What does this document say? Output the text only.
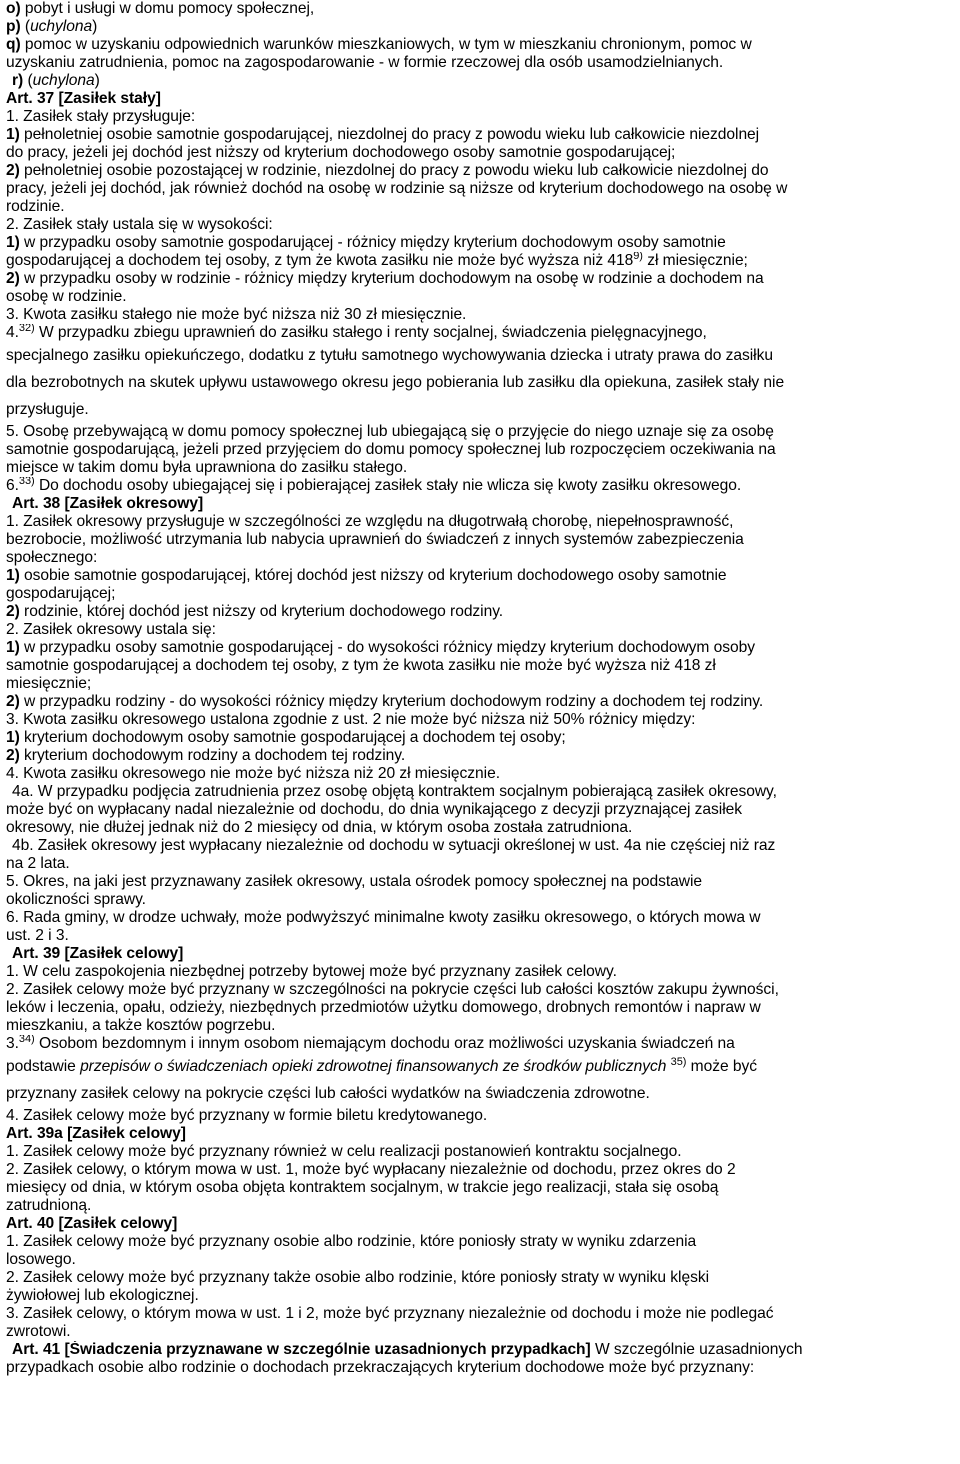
o) pobyt i usługi w domu pomocy społecznej,
p) (uchylona)
q) pomoc w uzyskaniu odpowiednich warunków mieszkaniowych, w tym w mieszkaniu chronionym, pomoc w
uzyskaniu zatrudnienia, pomoc na zagospodarowanie - w formie rzeczowej dla osób usamodzielnianych.
r) (uchylona)
Art. 37 [Zasiłek stały]
1. Zasiłek stały przysługuje:
1) pełnoletniej osobie samotnie gospodarującej, niezdolnej do pracy z powodu wieku lub całkowicie niezdolnej
do pracy, jeżeli jej dochód jest niższy od kryterium dochodowego osoby samotnie gospodarującej;
2) pełnoletniej osobie pozostającej w rodzinie, niezdolnej do pracy z powodu wieku lub całkowicie niezdolnej do
pracy, jeżeli jej dochód, jak również dochód na osobę w rodzinie są niższe od kryterium dochodowego na osobę w
rodzinie.
2. Zasiłek stały ustala się w wysokości:
1) w przypadku osoby samotnie gospodarującej - różnicy między kryterium dochodowym osoby samotnie
gospodarującej a dochodem tej osoby, z tym że kwota zasiłku nie może być wyższa niż 418$^{9)}$ zł miesięcznie;
2) w przypadku osoby w rodzinie - różnicy między kryterium dochodowym na osobę w rodzinie a dochodem na
osobę w rodzinie.
3. Kwota zasiłku stałego nie może być niższa niż 30 zł miesięcznie.
4.$^{32)}$ W przypadku zbiegu uprawnień do zasiłku stałego i renty socjalnej, świadczenia pielęgnacyjnego,
specjalnego zasiłku opiekuńczego, dodatku z tytułu samotnego wychowywania dziecka i utraty prawa do zasiłku
dla bezrobotnych na skutek upływu ustawowego okresu jego pobierania lub zasiłku dla opiekuna, zasiłek stały nie
przysługuje.
5. Osobę przebywającą w domu pomocy społecznej lub ubiegającą się o przyjęcie do niego uznaje się za osobę
samotnie gospodarującą, jeżeli przed przyjęciem do domu pomocy społecznej lub rozpoczęciem oczekiwania na
miejsce w takim domu była uprawniona do zasiłku stałego.
6.$^{33)}$ Do dochodu osoby ubiegającej się i pobierającej zasiłek stały nie wlicza się kwoty zasiłku okresowego.
Art. 38 [Zasiłek okresowy]
1. Zasiłek okresowy przysługuje w szczególności ze względu na długotrwałą chorobę, niepełnosprawność,
bezrobocie, możliwość utrzymania lub nabycia uprawnień do świadczeń z innych systemów zabezpieczenia
społecznego:
1) osobie samotnie gospodarującej, której dochód jest niższy od kryterium dochodowego osoby samotnie
gospodarującej;
2) rodzinie, której dochód jest niższy od kryterium dochodowego rodziny.
2. Zasiłek okresowy ustala się:
1) w przypadku osoby samotnie gospodarującej - do wysokości różnicy między kryterium dochodowym osoby
samotnie gospodarującej a dochodem tej osoby, z tym że kwota zasiłku nie może być wyższa niż 418 zł
miesięcznie;
2) w przypadku rodziny - do wysokości różnicy między kryterium dochodowym rodziny a dochodem tej rodziny.
3. Kwota zasiłku okresowego ustalona zgodnie z ust. 2 nie może być niższa niż 50% różnicy między:
1) kryterium dochodowym osoby samotnie gospodarującej a dochodem tej osoby;
2) kryterium dochodowym rodziny a dochodem tej rodziny.
4. Kwota zasiłku okresowego nie może być niższa niż 20 zł miesięcznie.
4a. W przypadku podjęcia zatrudnienia przez osobę objętą kontraktem socjalnym pobierającą zasiłek okresowy,
może być on wypłacany nadal niezależnie od dochodu, do dnia wynikającego z decyzji przyznającej zasiłek
okresowy, nie dłużej jednak niż do 2 miesięcy od dnia, w którym osoba została zatrudniona.
4b. Zasiłek okresowy jest wypłacany niezależnie od dochodu w sytuacji określonej w ust. 4a nie częściej niż raz
na 2 lata.
5. Okres, na jaki jest przyznawany zasiłek okresowy, ustala ośrodek pomocy społecznej na podstawie
okoliczności sprawy.
6. Rada gminy, w drodze uchwały, może podwyższyć minimalne kwoty zasiłku okresowego, o których mowa w
ust. 2 i 3.
Art. 39 [Zasiłek celowy]
1. W celu zaspokojenia niezbędnej potrzeby bytowej może być przyznany zasiłek celowy.
2. Zasiłek celowy może być przyznany w szczególności na pokrycie części lub całości kosztów zakupu żywności,
leków i leczenia, opału, odzieży, niezbędnych przedmiotów użytku domowego, drobnych remontów i napraw w
mieszkaniu, a także kosztów pogrzebu.
3.$^{34)}$ Osobom bezdomnym i innym osobom niemającym dochodu oraz możliwości uzyskania świadczeń na
podstawie przepisów o świadczeniach opieki zdrowotnej finansowanych ze środków publicznych $^{35)}$ może być
przyznany zasiłek celowy na pokrycie części lub całości wydatków na świadczenia zdrowotne.
4. Zasiłek celowy może być przyznany w formie biletu kredytowanego.
Art. 39a [Zasiłek celowy]
1. Zasiłek celowy może być przyznany również w celu realizacji postanowień kontraktu socjalnego.
2. Zasiłek celowy, o którym mowa w ust. 1, może być wypłacany niezależnie od dochodu, przez okres do 2
miesięcy od dnia, w którym osoba objęta kontraktem socjalnym, w trakcie jego realizacji, stała się osobą
zatrudnioną.
Art. 40 [Zasiłek celowy]
1. Zasiłek celowy może być przyznany osobie albo rodzinie, które poniosły straty w wyniku zdarzenia
losowego.
2. Zasiłek celowy może być przyznany także osobie albo rodzinie, które poniosły straty w wyniku klęski
żywiołowej lub ekologicznej.
3. Zasiłek celowy, o którym mowa w ust. 1 i 2, może być przyznany niezależnie od dochodu i może nie podlegać
zwrotowi.
Art. 41 [Świadczenia przyznawane w szczególnie uzasadnionych przypadkach] W szczególnie uzasadnionych
przypadkach osobie albo rodzinie o dochodach przekraczających kryterium dochodowe może być przyznany:
